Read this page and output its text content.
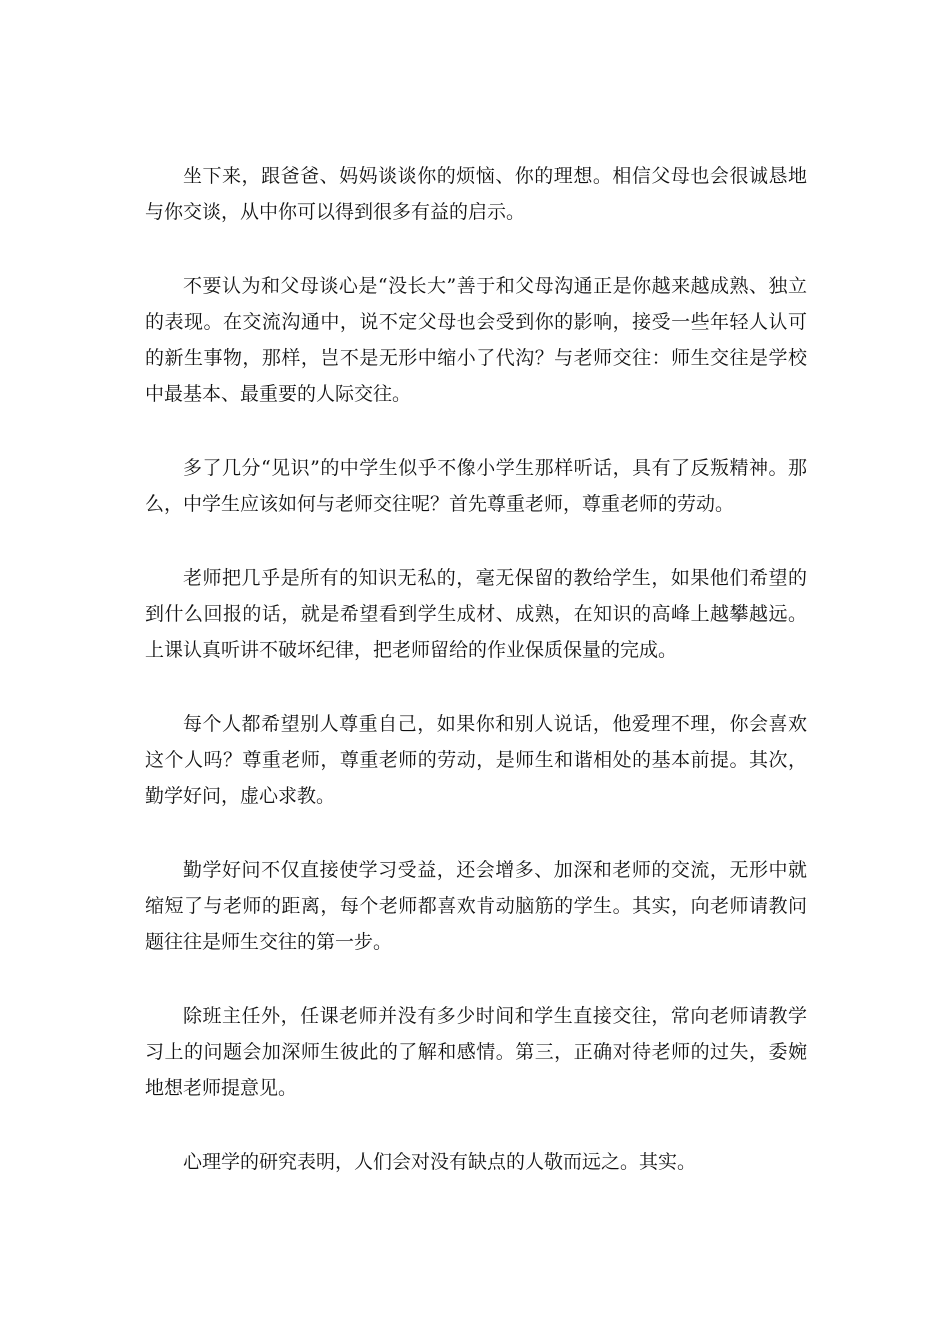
坐下来，跟爸爸、妈妈谈谈你的烦恼、你的理想。相信父母也会很诚恳地与你交谈，从中你可以得到很多有益的启示。

不要认为和父母谈心是“没长大”善于和父母沟通正是你越来越成熟、独立的表现。在交流沟通中，说不定父母也会受到你的影响，接受一些年轻人认可的新生事物，那样，岂不是无形中缩小了代沟？与老师交往：师生交往是学校中最基本、最重要的人际交往。

多了几分“见识”的中学生似乎不像小学生那样听话，具有了反叛精神。那么，中学生应该如何与老师交往呢？首先尊重老师，尊重老师的劳动。

老师把几乎是所有的知识无私的，毫无保留的教给学生，如果他们希望的到什么回报的话，就是希望看到学生成材、成熟，在知识的高峰上越攀越远。上课认真听讲不破坏纪律，把老师留给的作业保质保量的完成。

每个人都希望别人尊重自己，如果你和别人说话，他爱理不理，你会喜欢这个人吗？尊重老师，尊重老师的劳动，是师生和谐相处的基本前提。其次，勤学好问，虚心求教。

勤学好问不仅直接使学习受益，还会增多、加深和老师的交流，无形中就缩短了与老师的距离，每个老师都喜欢肯动脑筋的学生。其实，向老师请教问题往往是师生交往的第一步。

除班主任外，任课老师并没有多少时间和学生直接交往，常向老师请教学习上的问题会加深师生彼此的了解和感情。第三，正确对待老师的过失，委婉地想老师提意见。

心理学的研究表明，人们会对没有缺点的人敬而远之。其实。
